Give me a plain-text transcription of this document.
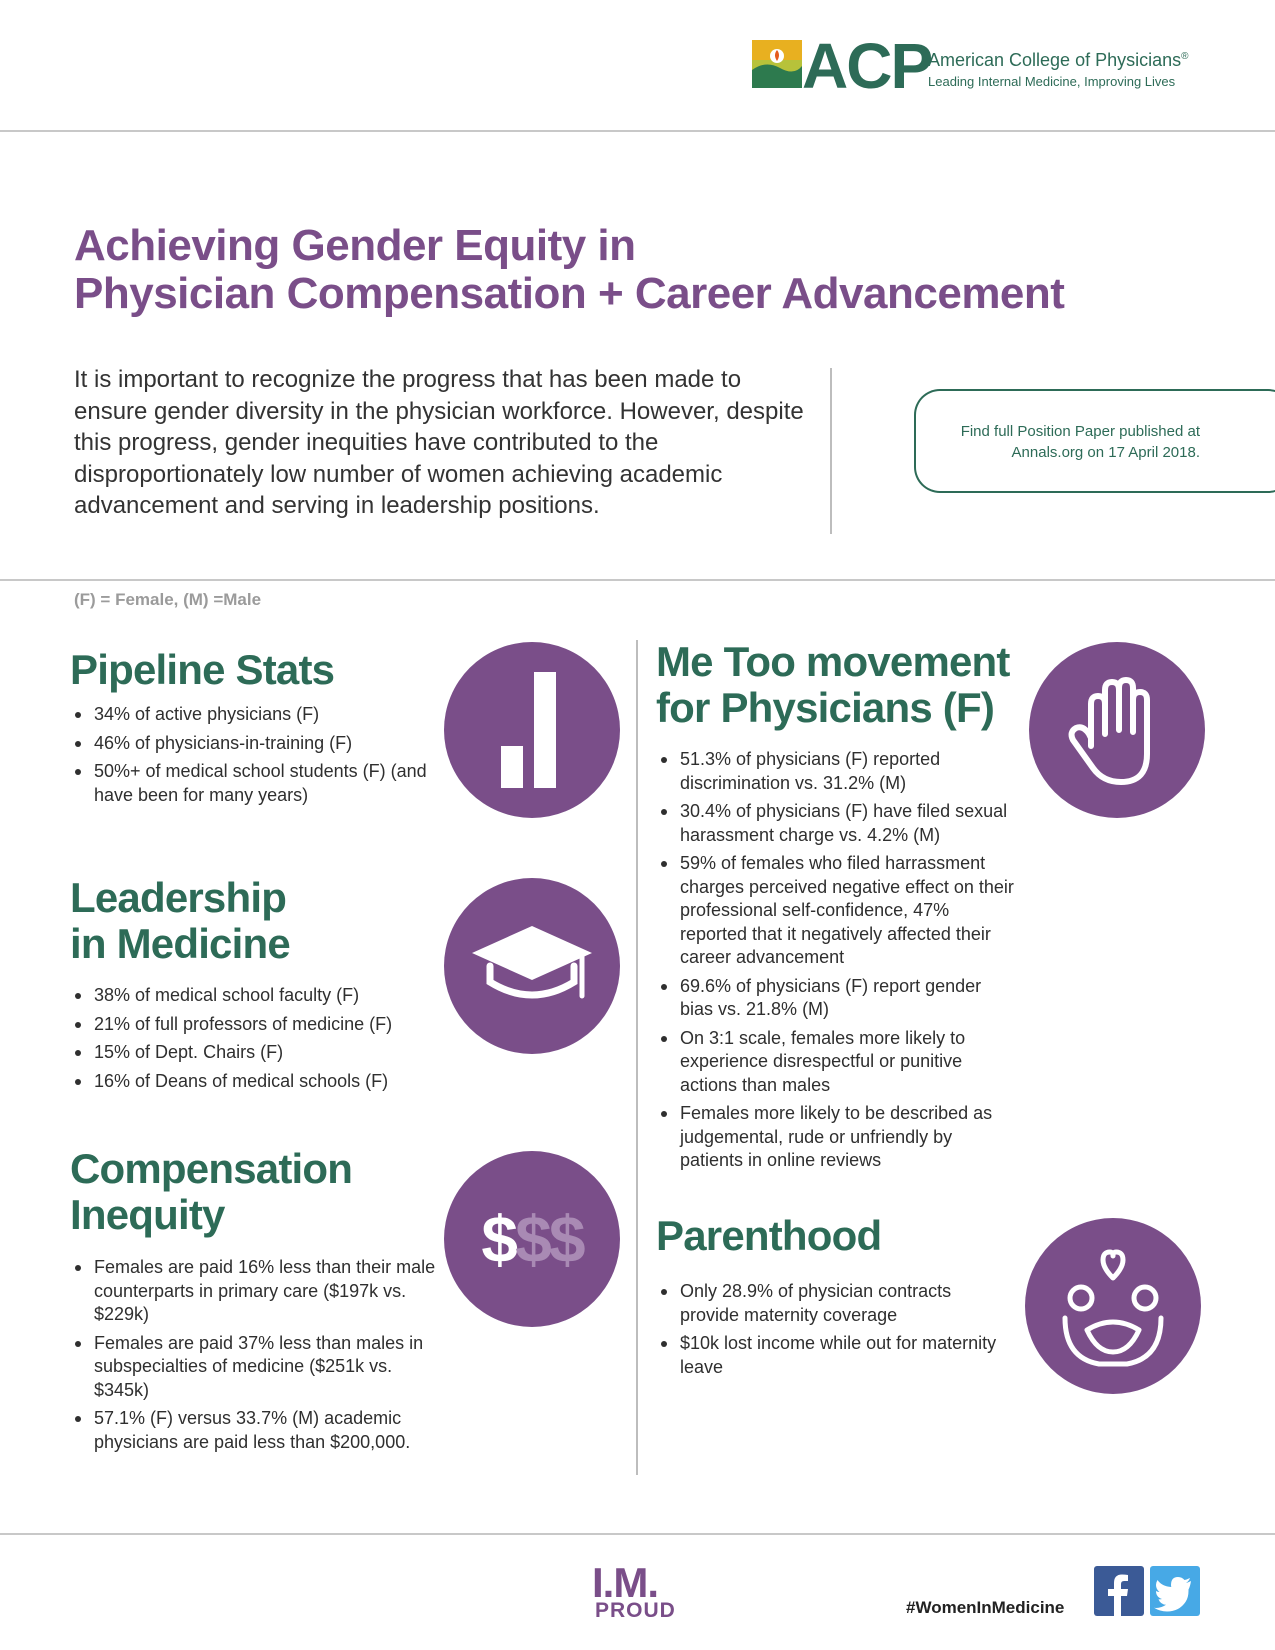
ACP
American College of Physicians®
Leading Internal Medicine, Improving Lives
Achieving Gender Equity in
Physician Compensation + Career Advancement
It is important to recognize the progress that has been made to ensure gender diversity in the physician workforce. However, despite this progress, gender inequities have contributed to the disproportionately low number of women achieving academic advancement and serving in leadership positions.
Find full Position Paper published at Annals.org on 17 April 2018.
(F) = Female, (M) =Male
Pipeline Stats
34% of active physicians (F)
46% of physicians-in-training (F)
50%+ of medical school students (F) (and have been for many years)
Leadership
in Medicine
38% of medical school faculty (F)
21% of full professors of medicine (F)
15% of Dept. Chairs (F)
16% of Deans of medical schools (F)
Compensation
Inequity
Females are paid 16% less than their male counterparts in primary care ($197k vs. $229k)
Females are paid 37% less than males in subspecialties of medicine ($251k vs. $345k)
57.1% (F) versus 33.7% (M) academic physicians are paid less than $200,000.
$$$
Me Too movement
for Physicians (F)
51.3% of physicians (F) reported discrimination vs. 31.2% (M)
30.4% of physicians (F) have filed sexual harassment charge vs. 4.2% (M)
59% of females who filed harrassment charges perceived negative effect on their professional self-confidence, 47% reported that it negatively affected their career advancement
69.6% of physicians (F) report gender bias vs. 21.8% (M)
On 3:1 scale, females more likely to experience disrespectful or punitive actions than males
Females more likely to be described as judgemental, rude or unfriendly by patients in online reviews
Parenthood
Only 28.9% of physician contracts provide maternity coverage
$10k lost income while out for maternity leave
I.M.
PROUD	#WomenInMedicine
